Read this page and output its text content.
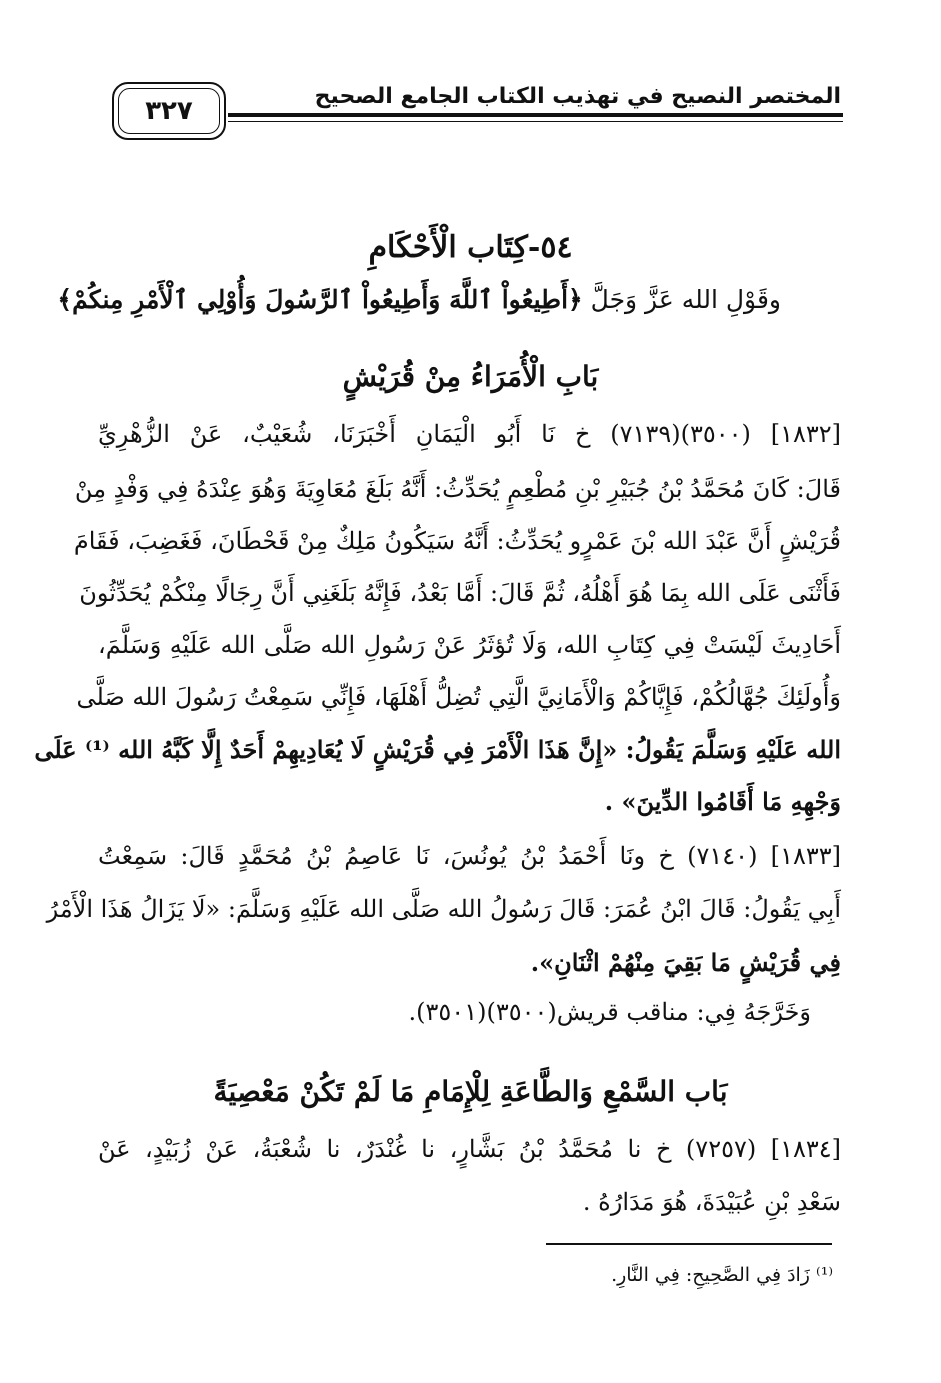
المختصر النصيح في تهذيب الكتاب الجامع الصحيح
٣٢٧
٥٤-كِتَاب الْأَحْكَامِ
وقَوْلِ الله عَزَّ وَجَلَّ ﴿أَطِيعُواْ ٱللَّهَ وَأَطِيعُواْ ٱلرَّسُولَ وَأُوْلِي ٱلْأَمْرِ مِنكُمْ﴾
بَابِ الْأُمَرَاءُ مِنْ قُرَيْشٍ
[١٨٣٢] (٣٥٠٠)(٧١٣٩) خ نَا أَبُو الْيَمَانِ أَخْبَرَنَا، شُعَيْبٌ، عَنْ الزُّهْرِيِّ
قَالَ: كَانَ مُحَمَّدُ بْنُ جُبَيْرِ بْنِ مُطْعِمٍ يُحَدِّثُ: أَنَّهُ بَلَغَ مُعَاوِيَةَ وَهُوَ عِنْدَهُ فِي وَفْدٍ مِنْ
قُرَيْشٍ أَنَّ عَبْدَ الله بْنَ عَمْرٍو يُحَدِّثُ: أَنَّهُ سَيَكُونُ مَلِكٌ مِنْ قَحْطَانَ، فَغَضِبَ، فَقَامَ
فَأَثْنَى عَلَى الله بِمَا هُوَ أَهْلُهُ، ثُمَّ قَالَ: أَمَّا بَعْدُ، فَإِنَّهُ بَلَغَنِي أَنَّ رِجَالًا مِنْكُمْ يُحَدِّثُونَ
أَحَادِيثَ لَيْسَتْ فِي كِتَابِ الله، وَلَا تُؤثَرُ عَنْ رَسُولِ الله صَلَّى الله عَلَيْهِ وَسَلَّمَ،
وَأُولَئِكَ جُهَّالُكُمْ، فَإِيَّاكُمْ وَالْأَمَانِيَّ الَّتِي تُضِلُّ أَهْلَهَا، فَإِنِّي سَمِعْتُ رَسُولَ الله صَلَّى
الله عَلَيْهِ وَسَلَّمَ يَقُولُ: «إِنَّ هَذَا الْأَمْرَ فِي قُرَيْشٍ لَا يُعَادِيهِمْ أَحَدٌ إِلَّا كَبَّهُ الله ⁽¹⁾ عَلَى
وَجْهِهِ مَا أَقَامُوا الدِّينَ» .
[١٨٣٣] (٧١٤٠) خ ونَا أَحْمَدُ بْنُ يُونُسَ، نَا عَاصِمُ بْنُ مُحَمَّدٍ قَالَ: سَمِعْتُ
أَبِي يَقُولُ: قَالَ ابْنُ عُمَرَ: قَالَ رَسُولُ الله صَلَّى الله عَلَيْهِ وَسَلَّمَ: «لَا يَزَالُ هَذَا الْأَمْرُ
فِي قُرَيْشٍ مَا بَقِيَ مِنْهُمْ اثْنَانِ».
وَخَرَّجَهُ فِي: مناقب قريش(٣٥٠٠)(٣٥٠١).
بَاب السَّمْعِ وَالطَّاعَةِ لِلْإِمَامِ مَا لَمْ تَكُنْ مَعْصِيَةً
[١٨٣٤] (٧٢٥٧) خ نا مُحَمَّدُ بْنُ بَشَّارٍ، نا غُنْدَرٌ، نا شُعْبَةُ، عَنْ زُبَيْدٍ، عَنْ
سَعْدِ بْنِ عُبَيْدَةَ، هُوَ مَدَارُهُ .
⁽¹⁾ زَادَ فِي الصَّحِيحِ: فِي النَّارِ.
